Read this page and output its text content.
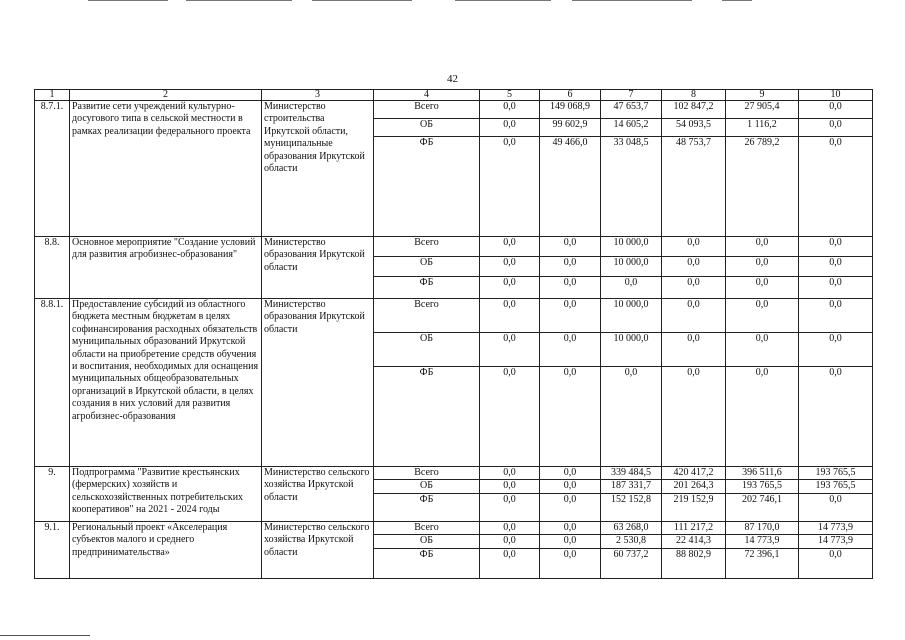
42
1	2	3	4	5	6	7	8	9	10
8.7.1.	Развитие сети учреждений культурно-досугового типа в сельской местности в рамках реализации федерального проекта	Министерство строительства Иркутской области, муниципальные образования Иркутской области	Всего	0,0	149 068,9	47 653,7	102 847,2	27 905,4	0,0
			ОБ	0,0	99 602,9	14 605,2	54 093,5	1 116,2	0,0
			ФБ	0,0	49 466,0	33 048,5	48 753,7	26 789,2	0,0
8.8.	Основное мероприятие "Создание условий для развития агробизнес-образования"	Министерство образования Иркутской области	Всего	0,0	0,0	10 000,0	0,0	0,0	0,0
			ОБ	0,0	0,0	10 000,0	0,0	0,0	0,0
			ФБ	0,0	0,0	0,0	0,0	0,0	0,0
8.8.1.	Предоставление субсидий из областного бюджета местным бюджетам в целях софинансирования расходных обязательств муниципальных образований Иркутской области на приобретение средств обучения и воспитания, необходимых для оснащения муниципальных общеобразовательных организаций в Иркутской области, в целях создания в них условий для развития агробизнес-образования	Министерство образования Иркутской области	Всего	0,0	0,0	10 000,0	0,0	0,0	0,0
			ОБ	0,0	0,0	10 000,0	0,0	0,0	0,0
			ФБ	0,0	0,0	0,0	0,0	0,0	0,0
9.	Подпрограмма "Развитие крестьянских (фермерских) хозяйств и сельскохозяйственных потребительских кооперативов" на 2021 - 2024 годы	Министерство сельского хозяйства Иркутской области	Всего	0,0	0,0	339 484,5	420 417,2	396 511,6	193 765,5
			ОБ	0,0	0,0	187 331,7	201 264,3	193 765,5	193 765,5
			ФБ	0,0	0,0	152 152,8	219 152,9	202 746,1	0,0
9.1.	Региональный проект «Акселерация субъектов малого и среднего предпринимательства»	Министерство сельского хозяйства Иркутской области	Всего	0,0	0,0	63 268,0	111 217,2	87 170,0	14 773,9
			ОБ	0,0	0,0	2 530,8	22 414,3	14 773,9	14 773,9
			ФБ	0,0	0,0	60 737,2	88 802,9	72 396,1	0,0
